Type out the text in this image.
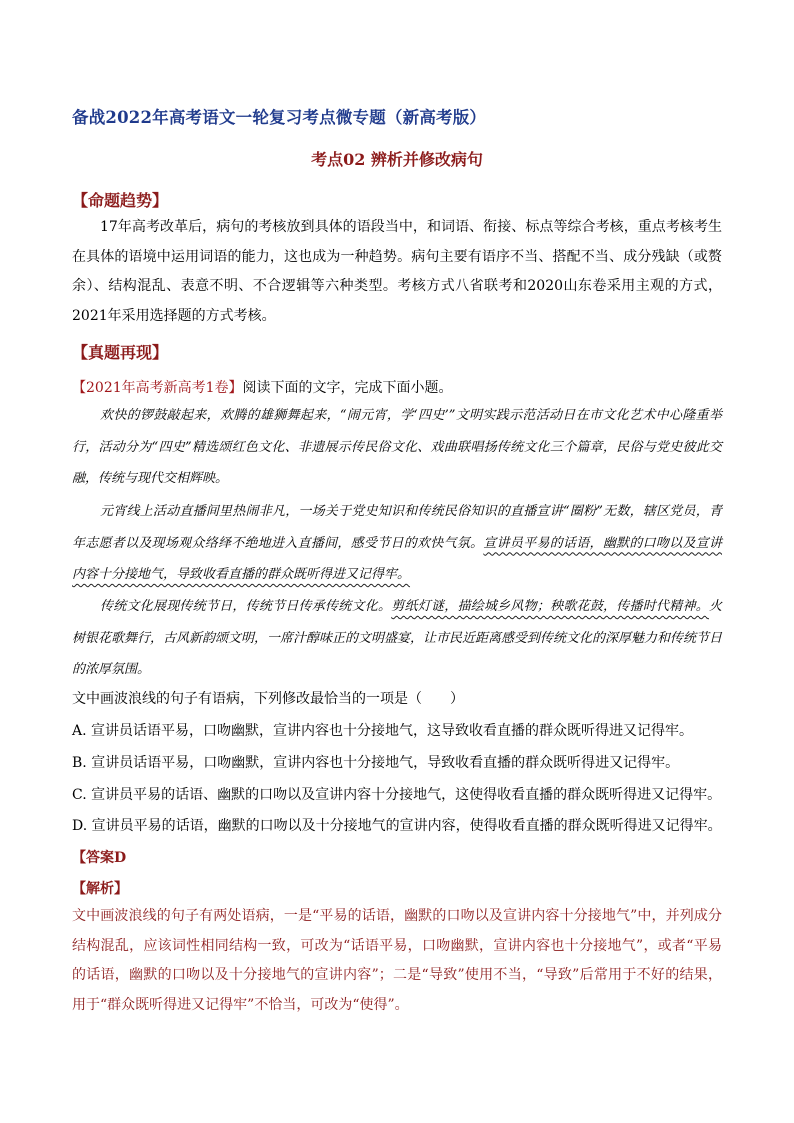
备战2022年高考语文一轮复习考点微专题（新高考版）
考点02 辨析并修改病句
【命题趋势】
17年高考改革后，病句的考核放到具体的语段当中，和词语、衔接、标点等综合考核，重点考核考生在具体的语境中运用词语的能力，这也成为一种趋势。病句主要有语序不当、搭配不当、成分残缺（或赘余）、结构混乱、表意不明、不合逻辑等六种类型。考核方式八省联考和2020山东卷采用主观的方式，2021年采用选择题的方式考核。
【真题再现】
【2021年高考新高考1卷】阅读下面的文字，完成下面小题。
欢快的锣鼓敲起来，欢腾的雄狮舞起来，“闹元宵，学‘四史’”文明实践示范活动日在市文化艺术中心隆重举行，活动分为“四史”精选颂红色文化、非遗展示传民俗文化、戏曲联唱扬传统文化三个篇章，民俗与党史彼此交融，传统与现代交相辉映。
元宵线上活动直播间里热闹非凡，一场关于党史知识和传统民俗知识的直播宣讲“圈粉”无数，辖区党员，青年志愿者以及现场观众络绎不绝地进入直播间，感受节日的欢快气氛。宣讲员平易的话语，幽默的口吻以及宣讲内容十分接地气，导致收看直播的群众既听得进又记得牢。
传统文化展现传统节日，传统节日传承传统文化。剪纸灯谜，描绘城乡风物；秧歌花鼓，传播时代精神。火树银花歌舞行，古风新韵颂文明，一席汁醇味正的文明盛宴，让市民近距离感受到传统文化的深厚魅力和传统节日的浓厚氛围。
文中画波浪线的句子有语病，下列修改最恰当的一项是（　　）
A. 宣讲员话语平易，口吻幽默，宣讲内容也十分接地气，这导致收看直播的群众既听得进又记得牢。
B. 宣讲员话语平易，口吻幽默，宣讲内容也十分接地气，导致收看直播的群众既听得进又记得牢。
C. 宣讲员平易的话语、幽默的口吻以及宣讲内容十分接地气，这使得收看直播的群众既听得进又记得牢。
D. 宣讲员平易的话语，幽默的口吻以及十分接地气的宣讲内容，使得收看直播的群众既听得进又记得牢。
【答案D
【解析】
文中画波浪线的句子有两处语病，一是“平易的话语，幽默的口吻以及宣讲内容十分接地气”中，并列成分结构混乱，应该词性相同结构一致，可改为“话语平易，口吻幽默，宣讲内容也十分接地气”，或者“平易的话语，幽默的口吻以及十分接地气的宣讲内容”；二是“导致”使用不当，“导致”后常用于不好的结果，用于“群众既听得进又记得牢”不恰当，可改为“使得”。
